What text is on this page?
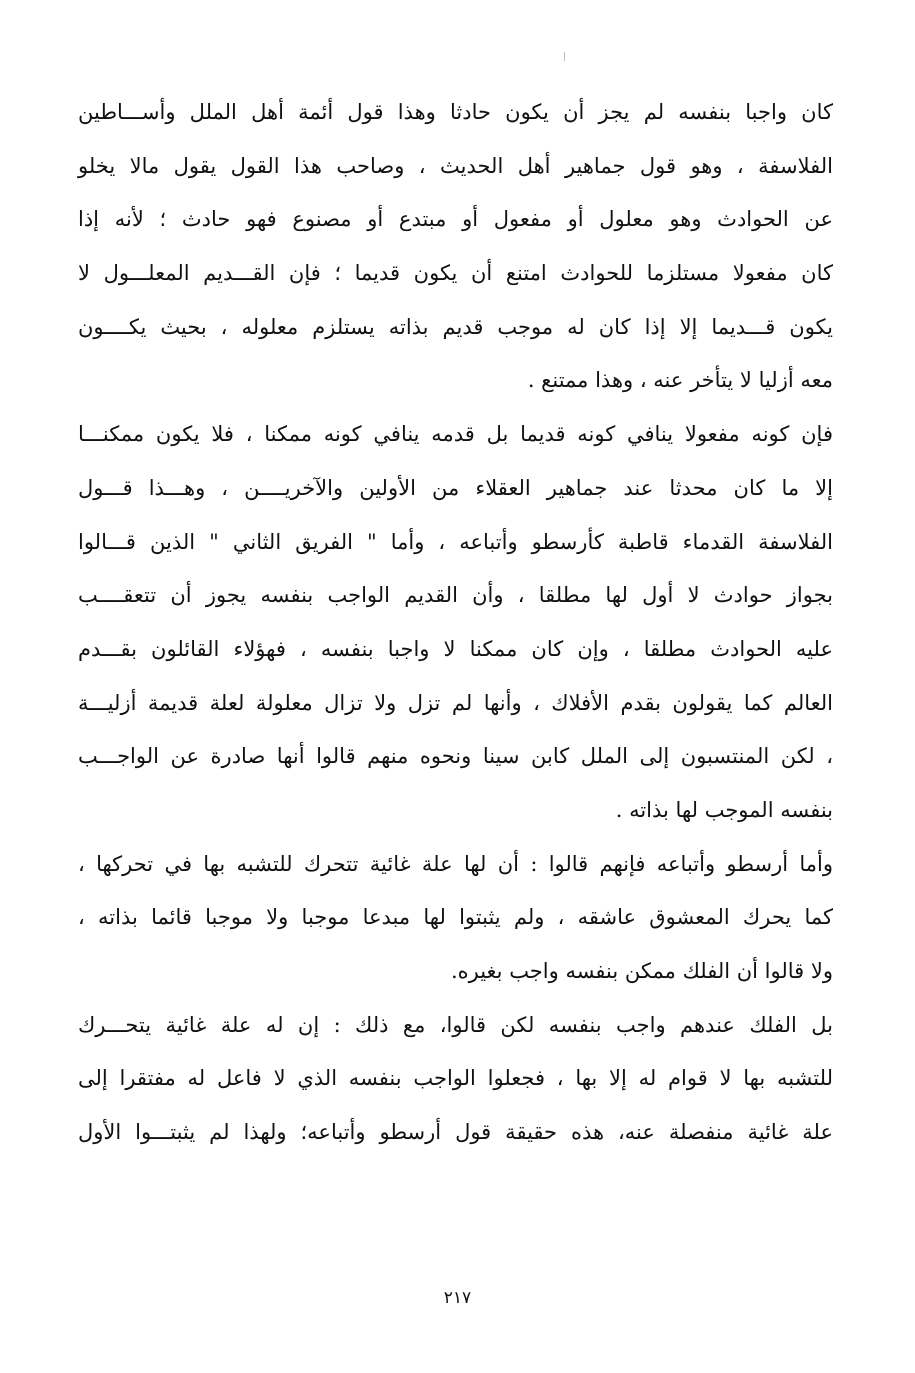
كان واجبا بنفسه لم يجز أن يكون حادثا وهذا قول أئمة أهل الملل وأســـاطين
الفلاسفة ، وهو قول جماهير أهل الحديث ، وصاحب هذا القول يقول مالا يخلو
عن الحوادث وهو معلول أو مفعول أو مبتدع أو مصنوع فهو حادث ؛ لأنه إذا
كان مفعولا مستلزما للحوادث امتنع أن يكون قديما ؛ فإن القـــديم المعلـــول لا
يكون قـــديما إلا إذا كان له موجب قديم بذاته يستلزم معلوله ، بحيث يكــــون
معه أزليا لا يتأخر عنه ، وهذا ممتنع .
فإن كونه مفعولا ينافي كونه قديما بل قدمه ينافي كونه ممكنا ، فلا يكون ممكنـــا
إلا ما كان محدثا عند جماهير العقلاء من الأولين والآخريــــن ، وهـــذا قـــول
الفلاسفة القدماء قاطبة كأرسطو وأتباعه ، وأما " الفريق الثاني " الذين قـــالوا
بجواز حوادث لا أول لها مطلقا ، وأن القديم الواجب بنفسه يجوز أن تتعقــــب
عليه الحوادث مطلقا ، وإن كان ممكنا لا واجبا بنفسه ، فهؤلاء القائلون بقـــدم
العالم كما يقولون بقدم الأفلاك ، وأنها لم تزل ولا تزال معلولة لعلة قديمة أزليـــة
، لكن المنتسبون إلى الملل كابن سينا ونحوه منهم قالوا أنها صادرة عن الواجـــب
بنفسه الموجب لها بذاته .
وأما أرسطو وأتباعه فإنهم قالوا : أن لها علة غائية تتحرك للتشبه بها في تحركها ،
كما يحرك المعشوق عاشقه ، ولم يثبتوا لها مبدعا موجبا ولا موجبا قائما بذاته ،
ولا قالوا أن الفلك ممكن بنفسه واجب بغيره.
بل الفلك عندهم واجب بنفسه لكن قالوا، مع ذلك : إن له علة غائية يتحـــرك
للتشبه بها لا قوام له إلا بها ، فجعلوا الواجب بنفسه الذي لا فاعل له مفتقرا إلى
علة غائية منفصلة عنه، هذه حقيقة قول أرسطو وأتباعه؛ ولهذا لم يثبتـــوا الأول
٢١٧
